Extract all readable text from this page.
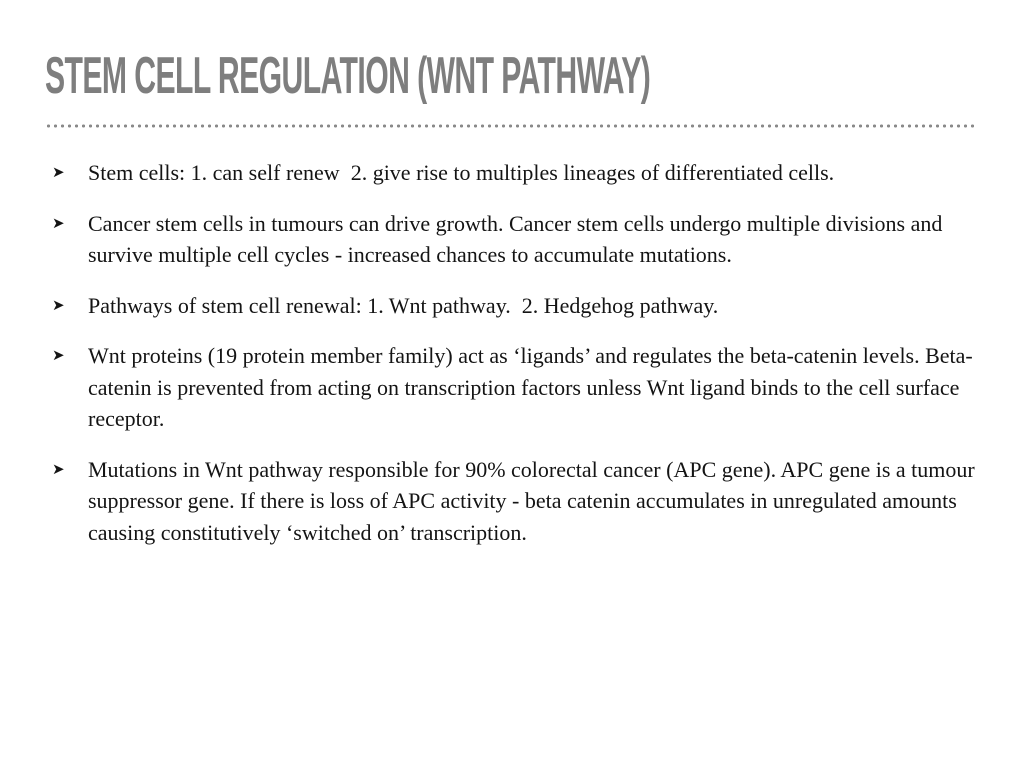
STEM CELL REGULATION (WNT PATHWAY)
➤	Stem cells: 1. can self renew  2. give rise to multiples lineages of differentiated cells.
➤	Cancer stem cells in tumours can drive growth. Cancer stem cells undergo multiple divisions and survive multiple cell cycles - increased chances to accumulate mutations.
➤	Pathways of stem cell renewal: 1. Wnt pathway.  2. Hedgehog pathway.
➤	Wnt proteins (19 protein member family) act as ‘ligands’ and regulates the beta-catenin levels. Beta-catenin is prevented from acting on transcription factors unless Wnt ligand binds to the cell surface receptor.
➤	Mutations in Wnt pathway responsible for 90% colorectal cancer (APC gene). APC gene is a tumour suppressor gene. If there is loss of APC activity - beta catenin accumulates in unregulated amounts causing constitutively ‘switched on’ transcription.
